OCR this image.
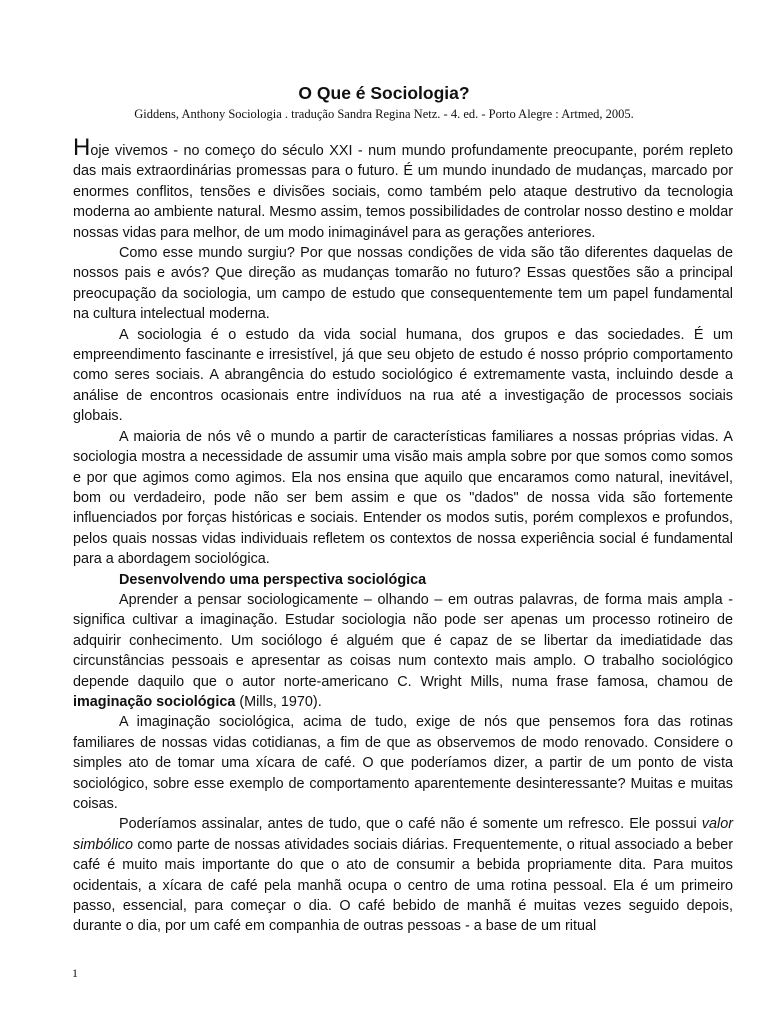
O Que é Sociologia?

Giddens, Anthony Sociologia . tradução Sandra Regina Netz. - 4. ed. - Porto Alegre : Artmed, 2005.

Hoje vivemos - no começo do século XXI - num mundo profundamente preocupante, porém repleto das mais extraordinárias promessas para o futuro. É um mundo inundado de mudanças, marcado por enormes conflitos, tensões e divisões sociais, como também pelo ataque destrutivo da tecnologia moderna ao ambiente natural. Mesmo assim, temos possibilidades de controlar nosso destino e moldar nossas vidas para melhor, de um modo inimaginável para as gerações anteriores.

Como esse mundo surgiu? Por que nossas condições de vida são tão diferentes daquelas de nossos pais e avós? Que direção as mudanças tomarão no futuro? Essas questões são a principal preocupação da sociologia, um campo de estudo que consequentemente tem um papel fundamental na cultura intelectual moderna.

A sociologia é o estudo da vida social humana, dos grupos e das sociedades. É um empreendimento fascinante e irresistível, já que seu objeto de estudo é nosso próprio comportamento como seres sociais. A abrangência do estudo sociológico é extremamente vasta, incluindo desde a análise de encontros ocasionais entre indivíduos na rua até a investigação de processos sociais globais.

A maioria de nós vê o mundo a partir de características familiares a nossas próprias vidas. A sociologia mostra a necessidade de assumir uma visão mais ampla sobre por que somos como somos e por que agimos como agimos. Ela nos ensina que aquilo que encaramos como natural, inevitável, bom ou verdadeiro, pode não ser bem assim e que os "dados" de nossa vida são fortemente influenciados por forças históricas e sociais. Entender os modos sutis, porém complexos e profundos, pelos quais nossas vidas individuais refletem os contextos de nossa experiência social é fundamental para a abordagem sociológica.

Desenvolvendo uma perspectiva sociológica

Aprender a pensar sociologicamente – olhando – em outras palavras, de forma mais ampla - significa cultivar a imaginação. Estudar sociologia não pode ser apenas um processo rotineiro de adquirir conhecimento. Um sociólogo é alguém que é capaz de se libertar da imediatidade das circunstâncias pessoais e apresentar as coisas num contexto mais amplo. O trabalho sociológico depende daquilo que o autor norte-americano C. Wright Mills, numa frase famosa, chamou de imaginação sociológica (Mills, 1970).

A imaginação sociológica, acima de tudo, exige de nós que pensemos fora das rotinas familiares de nossas vidas cotidianas, a fim de que as observemos de modo renovado. Considere o simples ato de tomar uma xícara de café. O que poderíamos dizer, a partir de um ponto de vista sociológico, sobre esse exemplo de comportamento aparentemente desinteressante? Muitas e muitas coisas.

Poderíamos assinalar, antes de tudo, que o café não é somente um refresco. Ele possui valor simbólico como parte de nossas atividades sociais diárias. Frequentemente, o ritual associado a beber café é muito mais importante do que o ato de consumir a bebida propriamente dita. Para muitos ocidentais, a xícara de café pela manhã ocupa o centro de uma rotina pessoal. Ela é um primeiro passo, essencial, para começar o dia. O café bebido de manhã é muitas vezes seguido depois, durante o dia, por um café em companhia de outras pessoas - a base de um ritual

1
